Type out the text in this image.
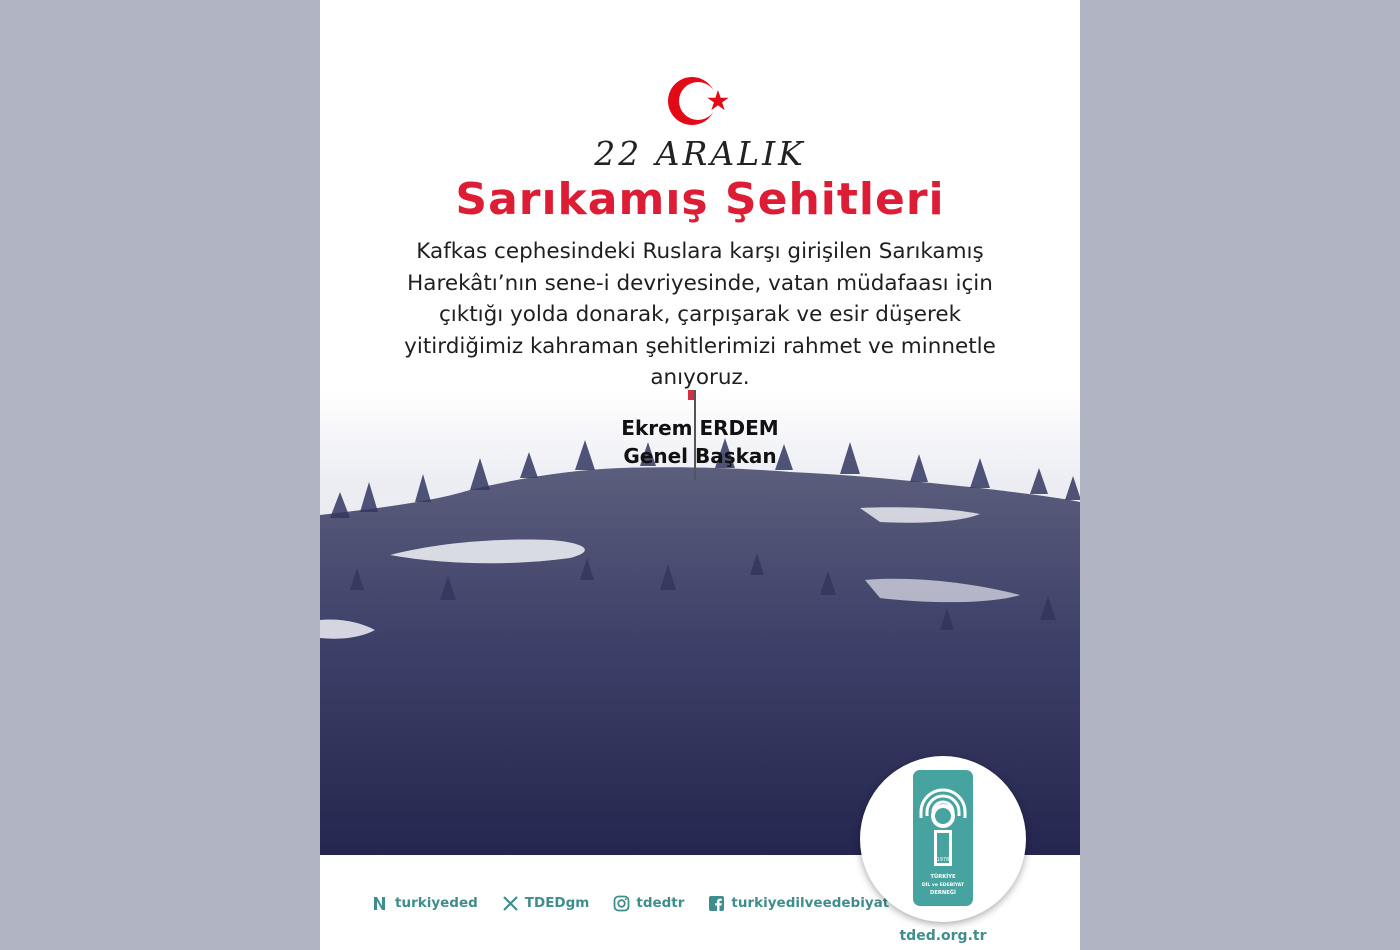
22 ARALIK
Sarıkamış Şehitleri
Kafkas cephesindeki Ruslara karşı girişilen Sarıkamış Harekâtı’nın sene-i devriyesinde, vatan müdafaası için çıktığı yolda donarak, çarpışarak ve esir düşerek yitirdiğimiz kahraman şehitlerimizi rahmet ve minnetle anıyoruz.
Ekrem ERDEM
Genel Başkan
turkiyeded	TDEDgm	tdedtr	turkiyedilveedebiyat
1978
TÜRKİYE
DİL ve EDEBİYAT
DERNEĞİ
tded.org.tr
